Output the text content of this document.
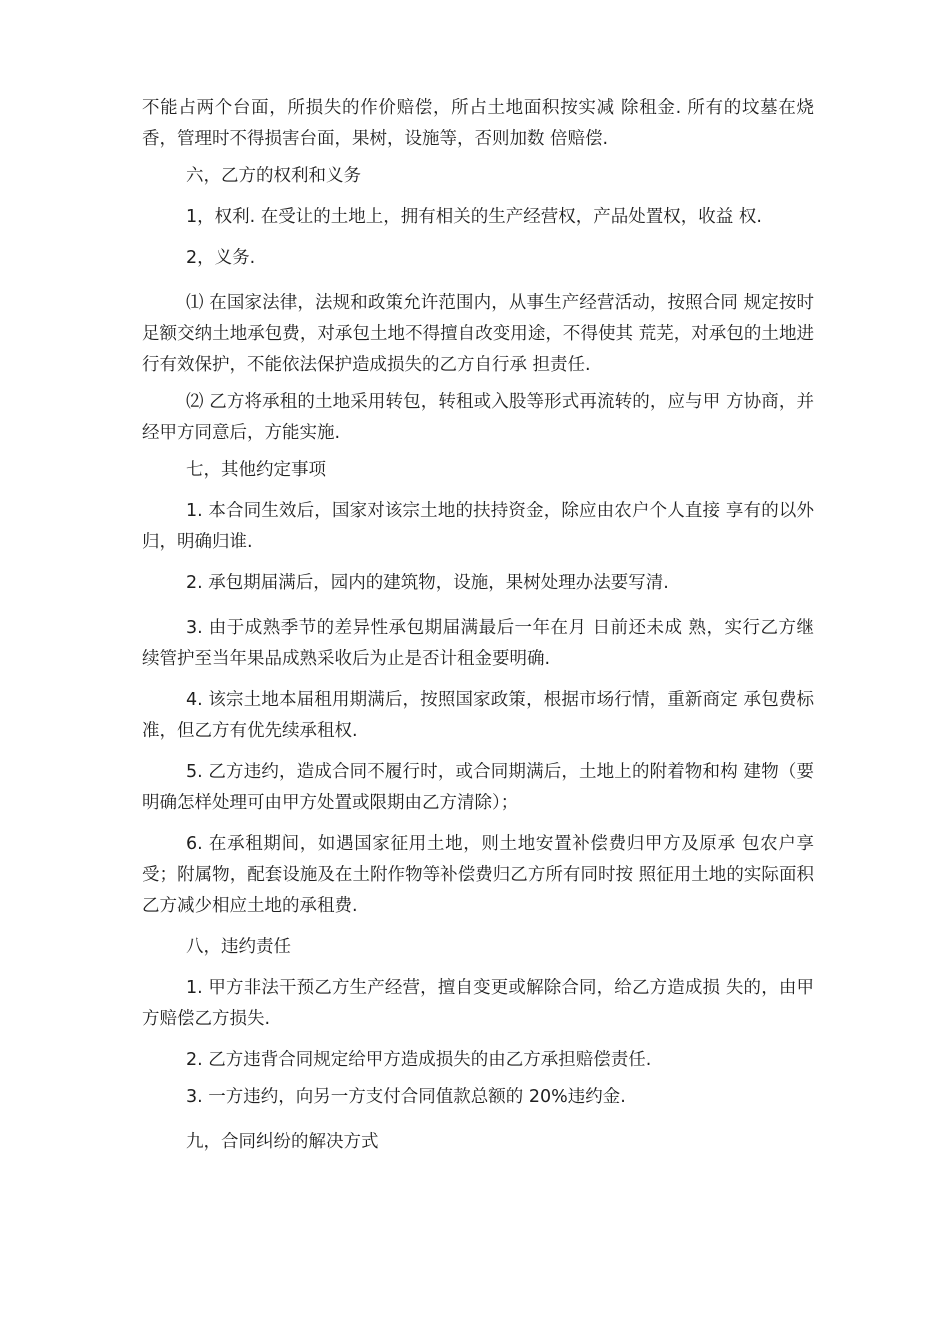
不能占两个台面，所损失的作价赔偿，所占土地面积按实减 除租金. 所有的坟墓在烧香，管理时不得损害台面，果树，设施等，否则加数 倍赔偿.

六，乙方的权利和义务

1，权利. 在受让的土地上，拥有相关的生产经营权，产品处置权，收益 权.

2，义务.

⑴ 在国家法律，法规和政策允许范围内，从事生产经营活动，按照合同 规定按时足额交纳土地承包费，对承包土地不得擅自改变用途，不得使其 荒芜，对承包的土地进行有效保护，不能依法保护造成损失的乙方自行承 担责任.

⑵ 乙方将承租的土地采用转包，转租或入股等形式再流转的，应与甲 方协商，并经甲方同意后，方能实施.

七，其他约定事项

1. 本合同生效后，国家对该宗土地的扶持资金，除应由农户个人直接 享有的以外归，明确归谁.

2. 承包期届满后，园内的建筑物，设施，果树处理办法要写清.

3. 由于成熟季节的差异性承包期届满最后一年在月 日前还未成 熟，实行乙方继续管护至当年果品成熟采收后为止是否计租金要明确.

4. 该宗土地本届租用期满后，按照国家政策，根据市场行情，重新商定 承包费标准，但乙方有优先续承租权.

5. 乙方违约，造成合同不履行时，或合同期满后，土地上的附着物和构 建物（要明确怎样处理可由甲方处置或限期由乙方清除）；

6. 在承租期间，如遇国家征用土地，则土地安置补偿费归甲方及原承 包农户享受；附属物，配套设施及在土附作物等补偿费归乙方所有同时按 照征用土地的实际面积乙方减少相应土地的承租费.

八，违约责任

1. 甲方非法干预乙方生产经营，擅自变更或解除合同，给乙方造成损 失的，由甲方赔偿乙方损失.

2. 乙方违背合同规定给甲方造成损失的由乙方承担赔偿责任.

3. 一方违约，向另一方支付合同值款总额的 20%违约金.

九，合同纠纷的解决方式
